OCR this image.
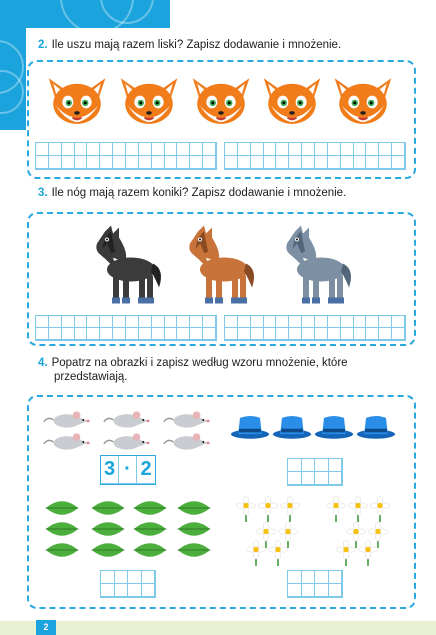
2. Ile uszu mają razem liski? Zapisz dodawanie i mnożenie.
3. Ile nóg mają razem koniki? Zapisz dodawanie i mnożenie.
4. Popatrz na obrazki i zapisz według wzoru mnożenie, które
przedstawiają.
3 · 2
2
